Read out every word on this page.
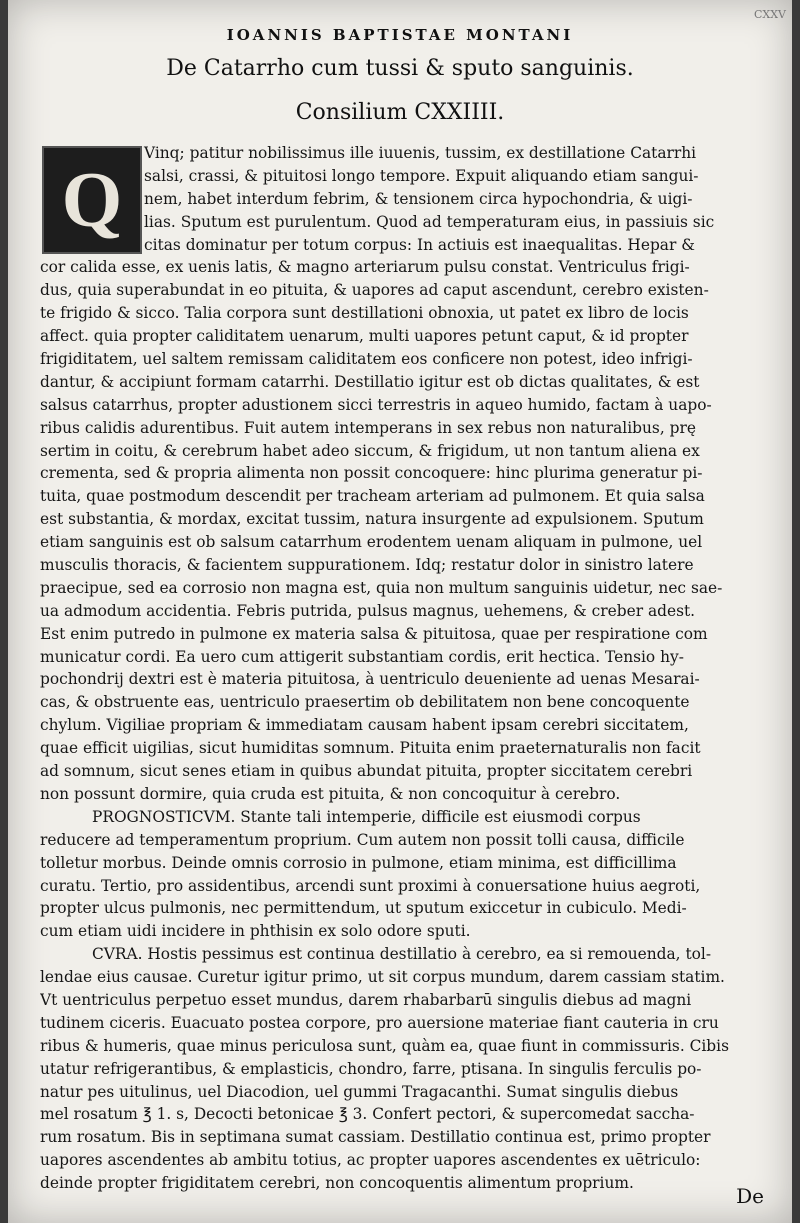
CXXV
IOANNIS BAPTISTAE MONTANI
De Catarrho cum tussi & sputo sanguinis.
Consilium CXXIIII.
Q
Vinq; patitur nobilissimus ille iuuenis, tussim, ex destillatione Catarrhi
salsi, crassi, & pituitosi longo tempore. Expuit aliquando etiam sangui-
nem, habet interdum febrim, & tensionem circa hypochondria, & uigi-
lias. Sputum est purulentum. Quod ad temperaturam eius, in passiuis sic
citas dominatur per totum corpus: In actiuis est inaequalitas. Hepar &
cor calida esse, ex uenis latis, & magno arteriarum pulsu constat. Ventriculus frigi-
dus, quia superabundat in eo pituita, & uapores ad caput ascendunt, cerebro existen-
te frigido & sicco. Talia corpora sunt destillationi obnoxia, ut patet ex libro de locis
affect. quia propter caliditatem uenarum, multi uapores petunt caput, & id propter
frigiditatem, uel saltem remissam caliditatem eos conficere non potest, ideo infrigi-
dantur, & accipiunt formam catarrhi. Destillatio igitur est ob dictas qualitates, & est
salsus catarrhus, propter adustionem sicci terrestris in aqueo humido, factam à uapo-
ribus calidis adurentibus. Fuit autem intemperans in sex rebus non naturalibus, prę
sertim in coitu, & cerebrum habet adeo siccum, & frigidum, ut non tantum aliena ex
crementa, sed & propria alimenta non possit concoquere: hinc plurima generatur pi-
tuita, quae postmodum descendit per tracheam arteriam ad pulmonem. Et quia salsa
est substantia, & mordax, excitat tussim, natura insurgente ad expulsionem. Sputum
etiam sanguinis est ob salsum catarrhum erodentem uenam aliquam in pulmone, uel
musculis thoracis, & facientem suppurationem. Idq; restatur dolor in sinistro latere
praecipue, sed ea corrosio non magna est, quia non multum sanguinis uidetur, nec sae-
ua admodum accidentia. Febris putrida, pulsus magnus, uehemens, & creber adest.
Est enim putredo in pulmone ex materia salsa & pituitosa, quae per respiratione com
municatur cordi. Ea uero cum attigerit substantiam cordis, erit hectica. Tensio hy-
pochondrij dextri est è materia pituitosa, à uentriculo deueniente ad uenas Mesarai-
cas, & obstruente eas, uentriculo praesertim ob debilitatem non bene concoquente
chylum. Vigiliae propriam & immediatam causam habent ipsam cerebri siccitatem,
quae efficit uigilias, sicut humiditas somnum. Pituita enim praeternaturalis non facit
ad somnum, sicut senes etiam in quibus abundat pituita, propter siccitatem cerebri
non possunt dormire, quia cruda est pituita, & non concoquitur à cerebro.
PROGNOSTICVM. Stante tali intemperie, difficile est eiusmodi corpus
reducere ad temperamentum proprium. Cum autem non possit tolli causa, difficile
tolletur morbus. Deinde omnis corrosio in pulmone, etiam minima, est difficillima
curatu. Tertio, pro assidentibus, arcendi sunt proximi à conuersatione huius aegroti,
propter ulcus pulmonis, nec permittendum, ut sputum exiccetur in cubiculo. Medi-
cum etiam uidi incidere in phthisin ex solo odore sputi.
CVRA. Hostis pessimus est continua destillatio à cerebro, ea si remouenda, tol-
lendae eius causae. Curetur igitur primo, ut sit corpus mundum, darem cassiam statim.
Vt uentriculus perpetuo esset mundus, darem rhabarbarū singulis diebus ad magni
tudinem ciceris. Euacuato postea corpore, pro auersione materiae fiant cauteria in cru
ribus & humeris, quae minus periculosa sunt, quàm ea, quae fiunt in commissuris. Cibis
utatur refrigerantibus, & emplasticis, chondro, farre, ptisana. In singulis ferculis po-
natur pes uitulinus, uel Diacodion, uel gummi Tragacanthi. Sumat singulis diebus
mel rosatum ℥ 1. s, Decocti betonicae ℥ 3. Confert pectori, & supercomedat saccha-
rum rosatum. Bis in septimana sumat cassiam. Destillatio continua est, primo propter
uapores ascendentes ab ambitu totius, ac propter uapores ascendentes ex uētriculo:
deinde propter frigiditatem cerebri, non concoquentis alimentum proprium.
De
